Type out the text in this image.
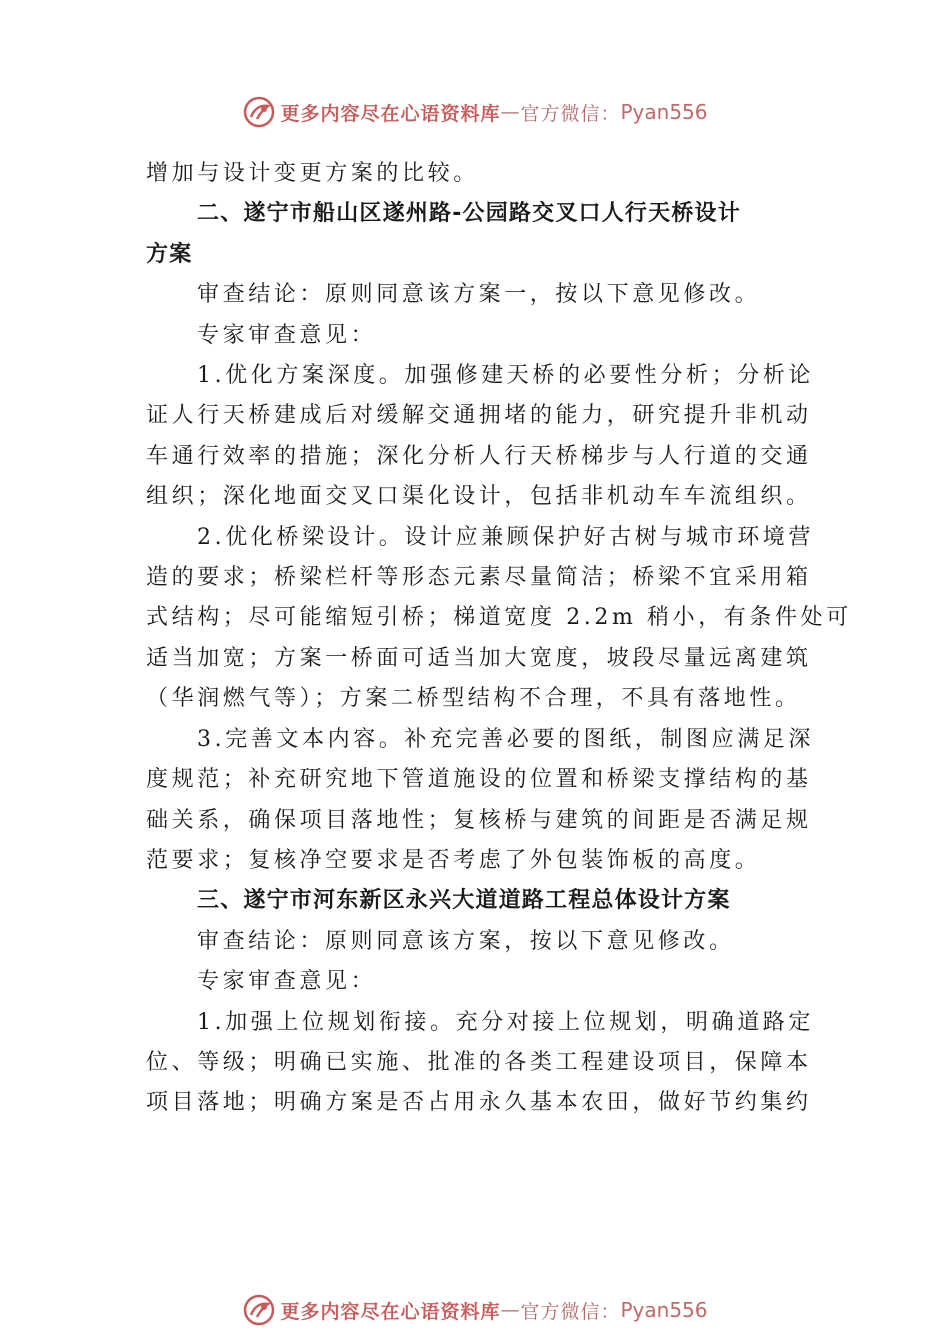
更多内容尽在心语资料库 — 官方微信： Pyan556
增加与设计变更方案的比较。
二、遂宁市船山区遂州路-公园路交叉口人行天桥设计
方案
审查结论：原则同意该方案一，按以下意见修改。
专家审查意见：
1.优化方案深度。加强修建天桥的必要性分析；分析论
证人行天桥建成后对缓解交通拥堵的能力，研究提升非机动
车通行效率的措施；深化分析人行天桥梯步与人行道的交通
组织；深化地面交叉口渠化设计，包括非机动车车流组织。
2.优化桥梁设计。设计应兼顾保护好古树与城市环境营
造的要求；桥梁栏杆等形态元素尽量简洁；桥梁不宜采用箱
式结构；尽可能缩短引桥；梯道宽度 2.2m 稍小，有条件处可
适当加宽；方案一桥面可适当加大宽度，坡段尽量远离建筑
（华润燃气等）；方案二桥型结构不合理，不具有落地性。
3.完善文本内容。补充完善必要的图纸，制图应满足深
度规范；补充研究地下管道施设的位置和桥梁支撑结构的基
础关系，确保项目落地性；复核桥与建筑的间距是否满足规
范要求；复核净空要求是否考虑了外包装饰板的高度。
三、遂宁市河东新区永兴大道道路工程总体设计方案
审查结论：原则同意该方案，按以下意见修改。
专家审查意见：
1.加强上位规划衔接。充分对接上位规划，明确道路定
位、等级；明确已实施、批准的各类工程建设项目，保障本
项目落地；明确方案是否占用永久基本农田，做好节约集约
更多内容尽在心语资料库 — 官方微信： Pyan556
